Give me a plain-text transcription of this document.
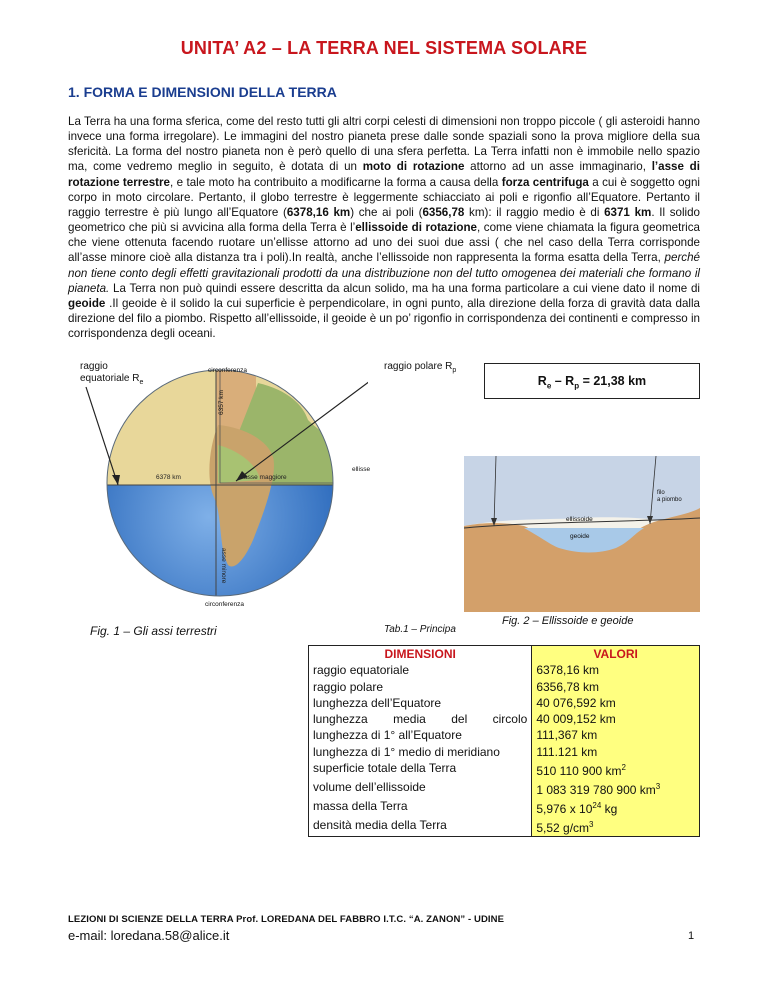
UNITA’ A2 – LA TERRA NEL SISTEMA SOLARE
1. FORMA E DIMENSIONI DELLA TERRA
La Terra ha una forma sferica, come del resto tutti gli altri corpi celesti di dimensioni non troppo piccole ( gli asteroidi hanno invece una forma irregolare). Le immagini del nostro pianeta prese dalle sonde spaziali sono la prova migliore della sua sfericità. La forma del nostro pianeta non è però quello di una sfera perfetta. La Terra infatti non è immobile nello spazio ma, come vedremo meglio in seguito, è dotata di un moto di rotazione attorno ad un asse immaginario, l’asse di rotazione terrestre, e tale moto ha contribuito a modificarne la forma a causa della forza centrifuga a cui è soggetto ogni corpo in moto circolare. Pertanto, il globo terrestre è leggermente schiacciato ai poli e rigonfio all’Equatore. Pertanto il raggio terrestre è più lungo all’Equatore (6378,16 km) che ai poli (6356,78 km): il raggio medio è di 6371 km. Il solido geometrico che più si avvicina alla forma della Terra è l’ellissoide di rotazione, come viene chiamata la figura geometrica che viene ottenuta facendo ruotare un’ellisse attorno ad uno dei suoi due assi ( che nel caso della Terra corrisponde all’asse minore cioè alla distanza tra i poli).In realtà, anche l’ellissoide non rappresenta la forma esatta della Terra, perché non tiene conto degli effetti gravitazionali prodotti da una distribuzione non del tutto omogenea dei materiali che formano il pianeta. La Terra non può quindi essere descritta da alcun solido, ma ha una forma particolare a cui viene dato il nome di geoide .Il geoide è il solido la cui superficie è perpendicolare, in ogni punto, alla direzione della forza di gravità data dalla direzione del filo a piombo. Rispetto all’ellissoide, il geoide è un po’ rigonfio in corrispondenza dei continenti e compresso in corrispondenza degli oceani.
raggio
equatoriale $R_e$
raggio polare $R_p$
circonferenza
circonferenza
6357 km
6378 km	asse maggiore
asse minore
ellisse
ellisse
$R_e - R_p = 21,38$ km
filo
a piombo
ellissoide
geoide
Fig. 1 – Gli assi terrestri	Tab.1 – Principa
Fig. 2 – Ellissoide e geoide
DIMENSIONI	VALORI
raggio equatoriale	6378,16 km
raggio polare	6356,78 km
lunghezza dell’Equatore	40 076,592 km
lunghezza media del circolo	40 009,152 km
lunghezza di 1° all’Equatore	111,367 km
lunghezza di 1° medio di meridiano	111.121 km
superficie totale della Terra	510 110 900 $km^2$
volume dell’ellissoide	1 083 319 780 900 $km^3$
massa della Terra	5,976 x $10^{24}$ kg
densità media della Terra	5,52 $g/cm^3$
LEZIONI DI SCIENZE DELLA TERRA Prof. LOREDANA DEL FABBRO I.T.C. “A. ZANON” - UDINE
e-mail: loredana.58@alice.it	1
